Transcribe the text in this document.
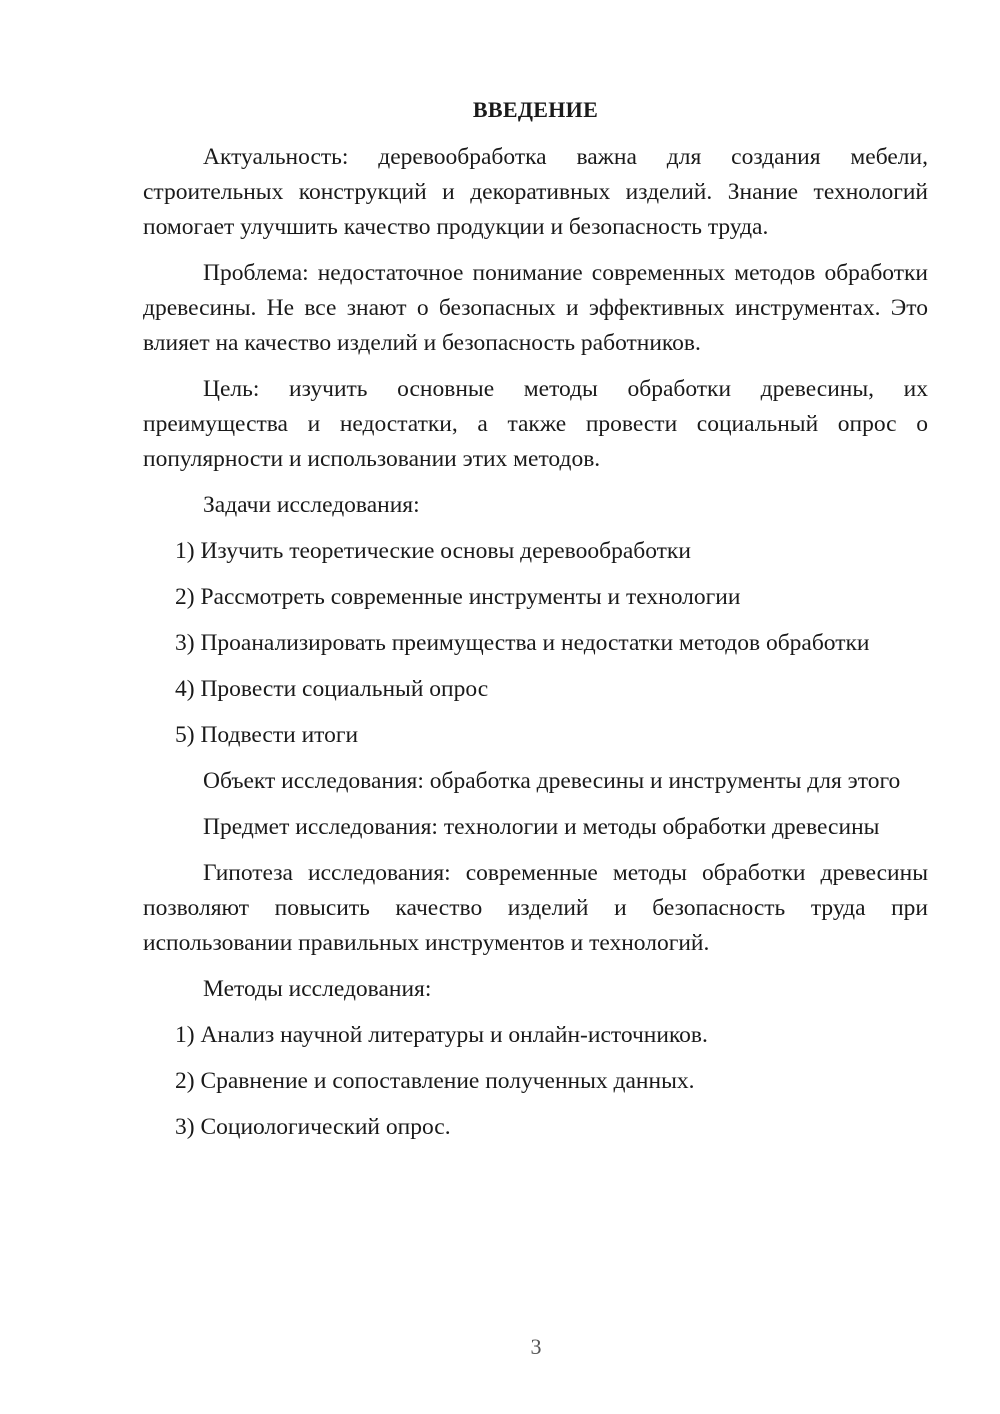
ВВЕДЕНИЕ

Актуальность: деревообработка важна для создания мебели, строительных конструкций и декоративных изделий. Знание технологий помогает улучшить качество продукции и безопасность труда.

Проблема: недостаточное понимание современных методов обработки древесины. Не все знают о безопасных и эффективных инструментах. Это влияет на качество изделий и безопасность работников.

Цель: изучить основные методы обработки древесины, их преимущества и недостатки, а также провести социальный опрос о популярности и использовании этих методов.

Задачи исследования:

1) Изучить теоретические основы деревообработки
2) Рассмотреть современные инструменты и технологии
3) Проанализировать преимущества и недостатки методов обработки
4) Провести социальный опрос
5) Подвести итоги

Объект исследования: обработка древесины и инструменты для этого

Предмет исследования: технологии и методы обработки древесины

Гипотеза исследования: современные методы обработки древесины позволяют повысить качество изделий и безопасность труда при использовании правильных инструментов и технологий.

Методы исследования:

1) Анализ научной литературы и онлайн-источников.
2) Сравнение и сопоставление полученных данных.
3) Социологический опрос.
3
